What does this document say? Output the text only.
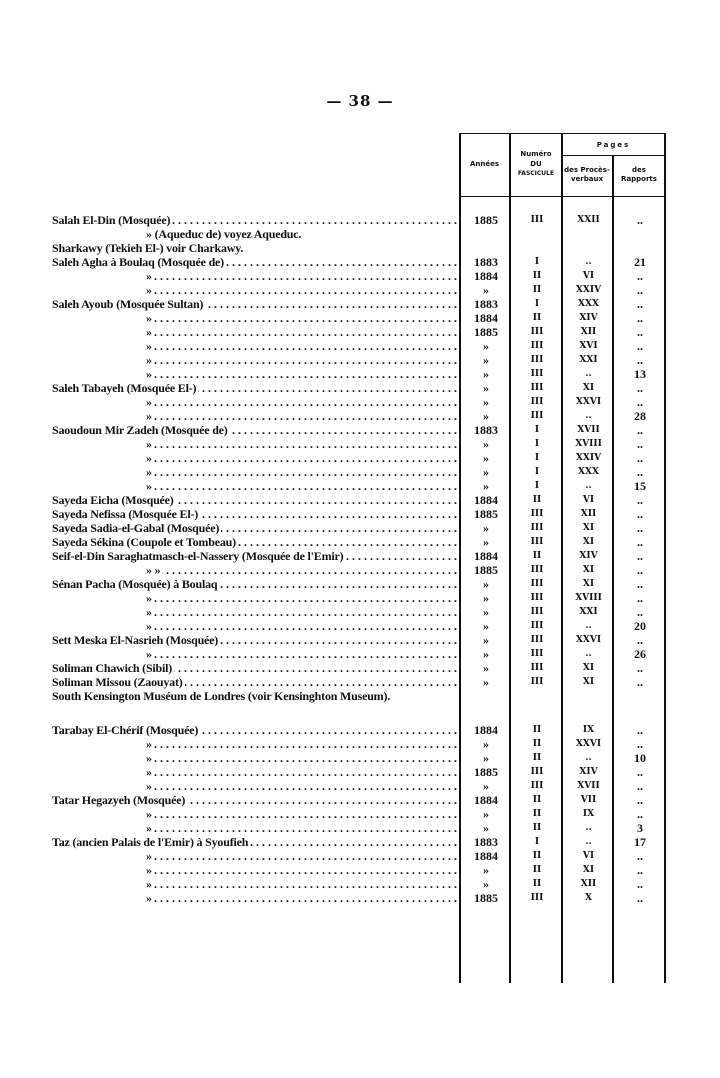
— 38 —
Années
Numéro
DU
FASCICULE
Pages
des Procès-
verbaux
des
Rapports
Salah El-Din (Mosquée) . . .	1885	III	XXII	..
» (Aqueduc de) voyez Aqueduc.
Sharkawy (Tekieh El-) voir Charkawy.
Saleh Agha à Boulaq (Mosquée de) . . .	1883	I	..	21
» . . .	1884	II	VI	..
» . . .	»	II	XXIV	..
Saleh Ayoub (Mosquée Sultan) . . .	1883	I	XXX	..
» . . .	1884	II	XIV	..
» . . .	1885	III	XII	..
» . . .	»	III	XVI	..
» . . .	»	III	XXI	..
» . . .	»	III	..	13
Saleh Tabayeh (Mosquée El-) . . .	»	III	XI	..
» . . .	»	III	XXVI	..
» . . .	»	III	..	28
Saoudoun Mir Zadeh (Mosquée de) . . .	1883	I	XVII	..
» . . .	»	I	XVIII	..
» . . .	»	I	XXIV	..
» . . .	»	I	XXX	..
» . . .	»	I	..	15
Sayeda Eicha (Mosquée) . . .	1884	II	VI	..
Sayeda Nefissa (Mosquée El-) . . .	1885	III	XII	..
Sayeda Sadia-el-Gabal (Mosquée) . . .	»	III	XI	..
Sayeda Sékina (Coupole et Tombeau) . . .	»	III	XI	..
Seif-el-Din Saraghatmasch-el-Nassery (Mosquée de l'Emir) . . .	1884	II	XIV	..
» » . . .	1885	III	XI	..
Sénan Pacha (Mosquée) à Boulaq . . .	»	III	XI	..
» . . .	»	III	XVIII	..
» . . .	»	III	XXI	..
» . . .	»	III	..	20
Sett Meska El-Nasrieh (Mosquée) . . .	»	III	XXVI	..
» . . .	»	III	..	26
Soliman Chawich (Sibil) . . .	»	III	XI	..
Soliman Missou (Zaouyat) . . .	»	III	XI	..
South Kensington Muséum de Londres (voir Kensinghton Museum).
Tarabay El-Chérif (Mosquée) . . .	1884	II	IX	..
» . . .	»	II	XXVI	..
» . . .	»	II	..	10
» . . .	1885	III	XIV	..
» . . .	»	III	XVII	..
Tatar Hegazyeh (Mosquée) . . .	1884	II	VII	..
» . . .	»	II	IX	..
» . . .	»	II	..	3
Taz (ancien Palais de l'Emir) à Syoufieh . . .	1883	I	..	17
» . . .	1884	II	VI	..
» . . .	»	II	XI	..
» . . .	»	II	XII	..
» . . .	1885	III	X	..
